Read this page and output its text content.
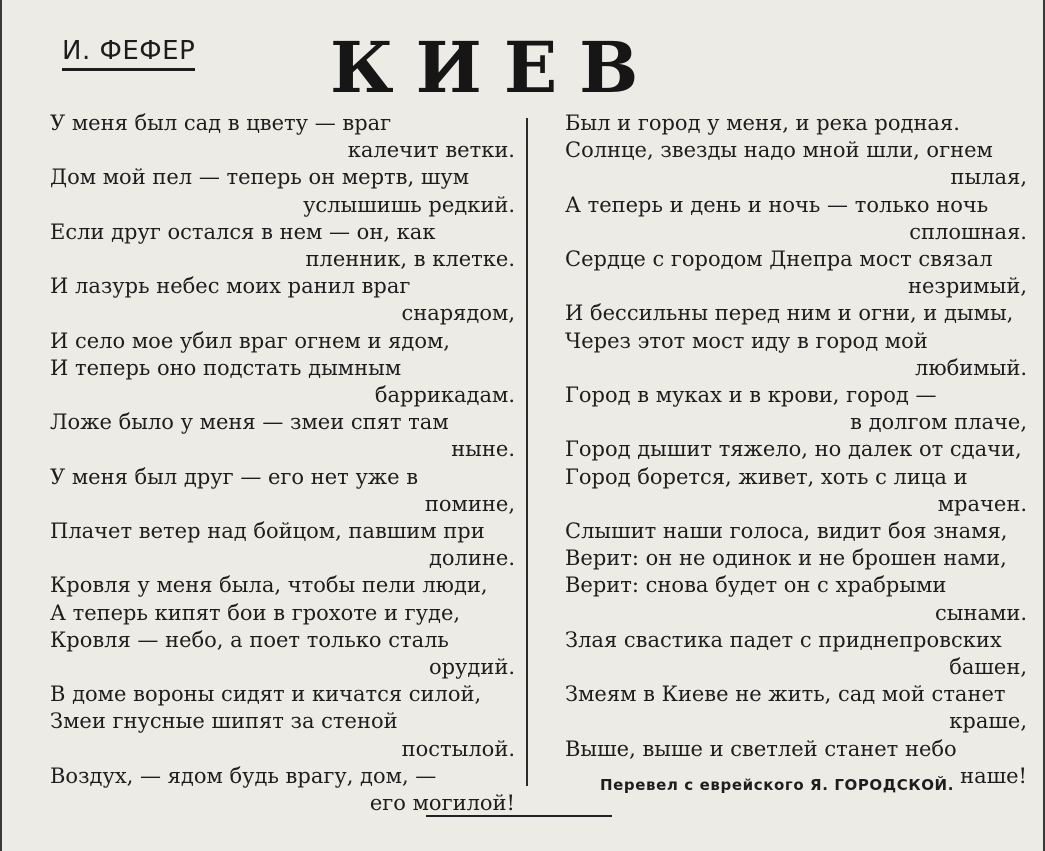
И. ФЕФЕР КИЕВ
У меня был сад в цвету — враг
калечит ветки.
Дом мой пел — теперь он мертв, шум
услышишь редкий.
Если друг остался в нем — он, как
пленник, в клетке.
И лазурь небес моих ранил враг
снарядом,
И село мое убил враг огнем и ядом,
И теперь оно подстать дымным
баррикадам.
Ложе было у меня — змеи спят там
ныне.
У меня был друг — его нет уже в
помине,
Плачет ветер над бойцом, павшим при
долине.
Кровля у меня была, чтобы пели люди,
А теперь кипят бои в грохоте и гуде,
Кровля — небо, а поет только сталь
орудий.
В доме вороны сидят и кичатся силой,
Змеи гнусные шипят за стеной
постылой.
Воздух, — ядом будь врагу, дом, —
его могилой!
Был и город у меня, и река родная.
Солнце, звезды надо мной шли, огнем
пылая,
А теперь и день и ночь — только ночь
сплошная.
Сердце с городом Днепра мост связал
незримый,
И бессильны перед ним и огни, и дымы,
Через этот мост иду в город мой
любимый.
Город в муках и в крови, город —
в долгом плаче,
Город дышит тяжело, но далек от сдачи,
Город борется, живет, хоть с лица и
мрачен.
Слышит наши голоса, видит боя знамя,
Верит: он не одинок и не брошен нами,
Верит: снова будет он с храбрыми
сынами.
Злая свастика падет с приднепровских
башен,
Змеям в Киеве не жить, сад мой станет
краше,
Выше, выше и светлей станет небо
наше!
Перевел с еврейского Я. ГОРОДСКОЙ.
